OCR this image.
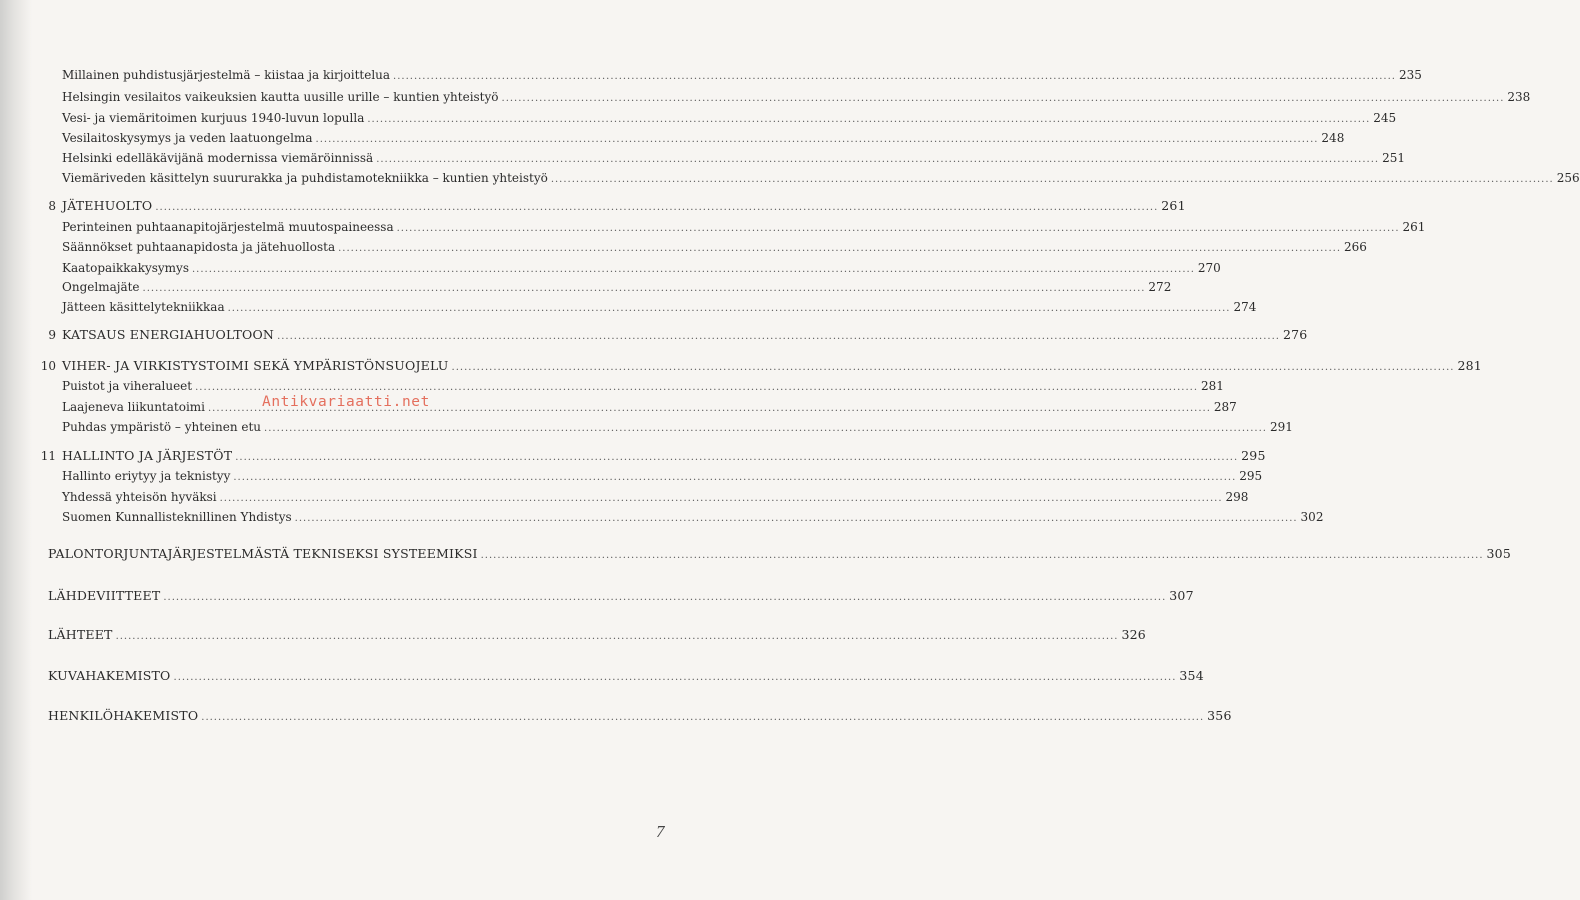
Millainen puhdistusjärjestelmä – kiistaa ja kirjoittelua .....	235
Helsingin vesilaitos vaikeuksien kautta uusille urille – kuntien yhteistyö .....	238
Vesi- ja viemäritoimen kurjuus 1940-luvun lopulla .....	245
Vesilaitoskysymys ja veden laatuongelma .....	248
Helsinki edelläkävijänä modernissa viemäröinnissä .....	251
Viemäriveden käsittelyn suururakka ja puhdistamotekniikka – kuntien yhteistyö .....	256
8 JÄTEHUOLTO .....	261
Perinteinen puhtaanapitojärjestelmä muutospaineessa .....	261
Säännökset puhtaanapidosta ja jätehuollosta .....	266
Kaatopaikkakysymys .....	270
Ongelmajäte .....	272
Jätteen käsittelytekniikkaa .....	274
9 KATSAUS ENERGIAHUOLTOON .....	276
10 VIHER- JA VIRKISTYSTOIMI SEKÄ YMPÄRISTÖNSUOJELU .....	281
Puistot ja viheralueet .....	281
Laajeneva liikuntatoimi .....	287
Puhdas ympäristö – yhteinen etu .....	291
11 HALLINTO JA JÄRJESTÖT .....	295
Hallinto eriytyy ja teknistyy .....	295
Yhdessä yhteisön hyväksi .....	298
Suomen Kunnallisteknillinen Yhdistys .....	302
PALONTORJUNTAJÄRJESTELMÄSTÄ TEKNISEKSI SYSTEEMIKSI .....	305
LÄHDEVIITTEET .....	307
LÄHTEET .....	326
KUVAHAKEMISTO .....	354
HENKILÖHAKEMISTO .....	356
Antikvariaatti.net
7
